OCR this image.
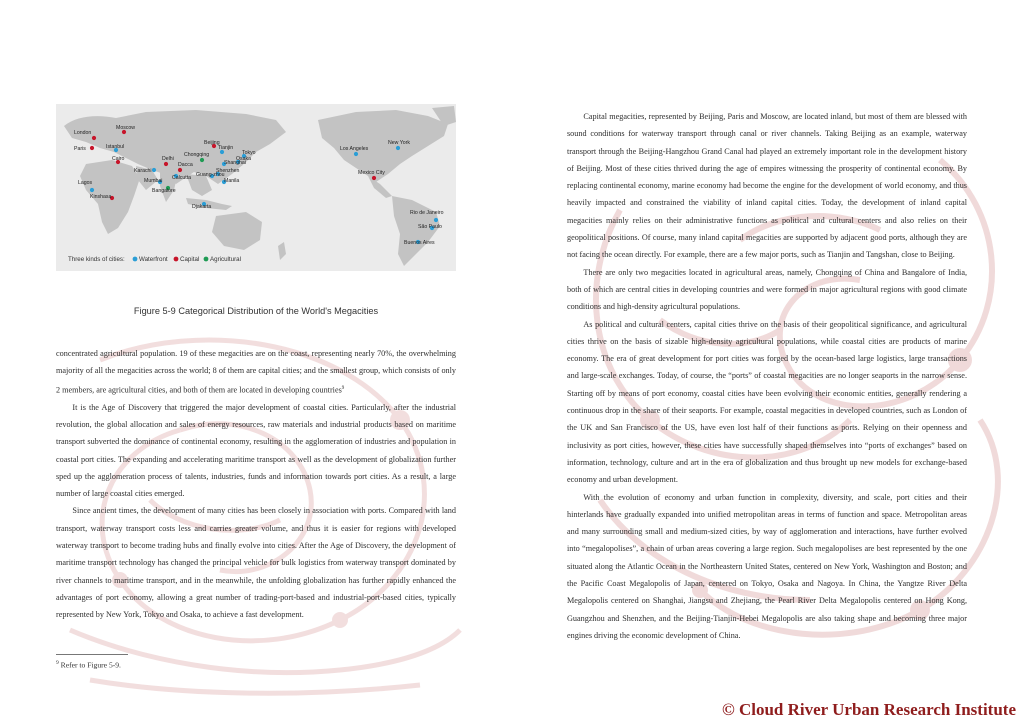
London
Moscow
Paris	Istanbul
Cairo
Lagos
Kinshasa
Karachi
Delhi
Mumbai
Bangalore
Dacca
Calcutta
Chongqing
Beijing
Tianjin
Tokyo
Osaka
Shanghai
Shenzhen
Guang-zhou
Manila
Djakarta
Los Angeles
New York
Mexico City
Rio de Janeiro
São Paulo
Buenos Aires
Three kinds of cities: Waterfront Capital Agricultural
Figure 5-9 Categorical Distribution of the World's Megacities

concentrated agricultural population. 19 of these megacities are on the coast, representing nearly 70%, the overwhelming majority of all the megacities across the world; 8 of them are capital cities; and the smallest group, which consists of only 2 members, are agricultural cities, and both of them are located in developing countries$^9$

It is the Age of Discovery that triggered the major development of coastal cities. Particularly, after the industrial revolution, the global allocation and sales of energy resources, raw materials and industrial products based on maritime transport subverted the dominance of continental economy, resulting in the agglomeration of industries and population in coastal port cities. The expanding and accelerating maritime transport as well as the development of globalization further sped up the agglomeration process of talents, industries, funds and information towards port cities. As a result, a large number of large coastal cities emerged.

Since ancient times, the development of many cities has been closely in association with ports. Compared with land transport, waterway transport costs less and carries greater volume, and thus it is easier for regions with developed waterway transport to become trading hubs and finally evolve into cities. After the Age of Discovery, the development of maritime transport technology has changed the principal vehicle for bulk logistics from waterway transport dominated by river channels to maritime transport, and in the meanwhile, the unfolding globalization has further rapidly enhanced the advantages of port economy, allowing a great number of trading-port-based and industrial-port-based cities, typically represented by New York, Tokyo and Osaka, to achieve a fast development.

$^9$ Refer to Figure 5-9.

Capital megacities, represented by Beijing, Paris and Moscow, are located inland, but most of them are blessed with sound conditions for waterway transport through canal or river channels. Taking Beijing as an example, waterway transport through the Beijing-Hangzhou Grand Canal had played an extremely important role in the development history of Beijing. Most of these cities thrived during the age of empires witnessing the prosperity of continental economy. By replacing continental economy, marine economy had become the engine for the development of world economy, and thus heavily impacted and constrained the viability of inland capital cities. Today, the development of inland capital megacities mainly relies on their administrative functions as political and cultural centers and also relies on their geopolitical positions. Of course, many inland capital megacities are supported by adjacent good ports, although they are not facing the ocean directly. For example, there are a few major ports, such as Tianjin and Tangshan, close to Beijing.

There are only two megacities located in agricultural areas, namely, Chongqing of China and Bangalore of India, both of which are central cities in developing countries and were formed in major agricultural regions with good climate conditions and high-density agricultural populations.

As political and cultural centers, capital cities thrive on the basis of their geopolitical significance, and agricultural cities thrive on the basis of sizable high-density agricultural populations, while coastal cities are products of marine economy. The era of great development for port cities was forged by the ocean-based large logistics, large transactions and large-scale exchanges. Today, of course, the “ports” of coastal megacities are no longer seaports in the narrow sense. Starting off by means of port economy, coastal cities have been evolving their economic entities, generally rendering a continuous drop in the share of their seaports. For example, coastal megacities in developed countries, such as London of the UK and San Francisco of the US, have even lost half of their functions as ports. Relying on their openness and inclusivity as port cities, however, these cities have successfully shaped themselves into “ports of exchanges” based on information, technology, culture and art in the era of globalization and thus brought up new models for exchange-based economy and urban development.

With the evolution of economy and urban function in complexity, diversity, and scale, port cities and their hinterlands have gradually expanded into unified metropolitan areas in terms of function and space. Metropolitan areas and many surrounding small and medium-sized cities, by way of agglomeration and interactions, have further evolved into “megalopolises”, a chain of urban areas covering a large region. Such megalopolises are best represented by the one situated along the Atlantic Ocean in the Northeastern United States, centered on New York, Washington and Boston; and the Pacific Coast Megalopolis of Japan, centered on Tokyo, Osaka and Nagoya. In China, the Yangtze River Delta Megalopolis centered on Shanghai, Jiangsu and Zhejiang, the Pearl River Delta Megalopolis centered on Hong Kong, Guangzhou and Shenzhen, and the Beijing-Tianjin-Hebei Megalopolis are also taking shape and becoming three major engines driving the economic development of China.

© Cloud River Urban Research Institute
